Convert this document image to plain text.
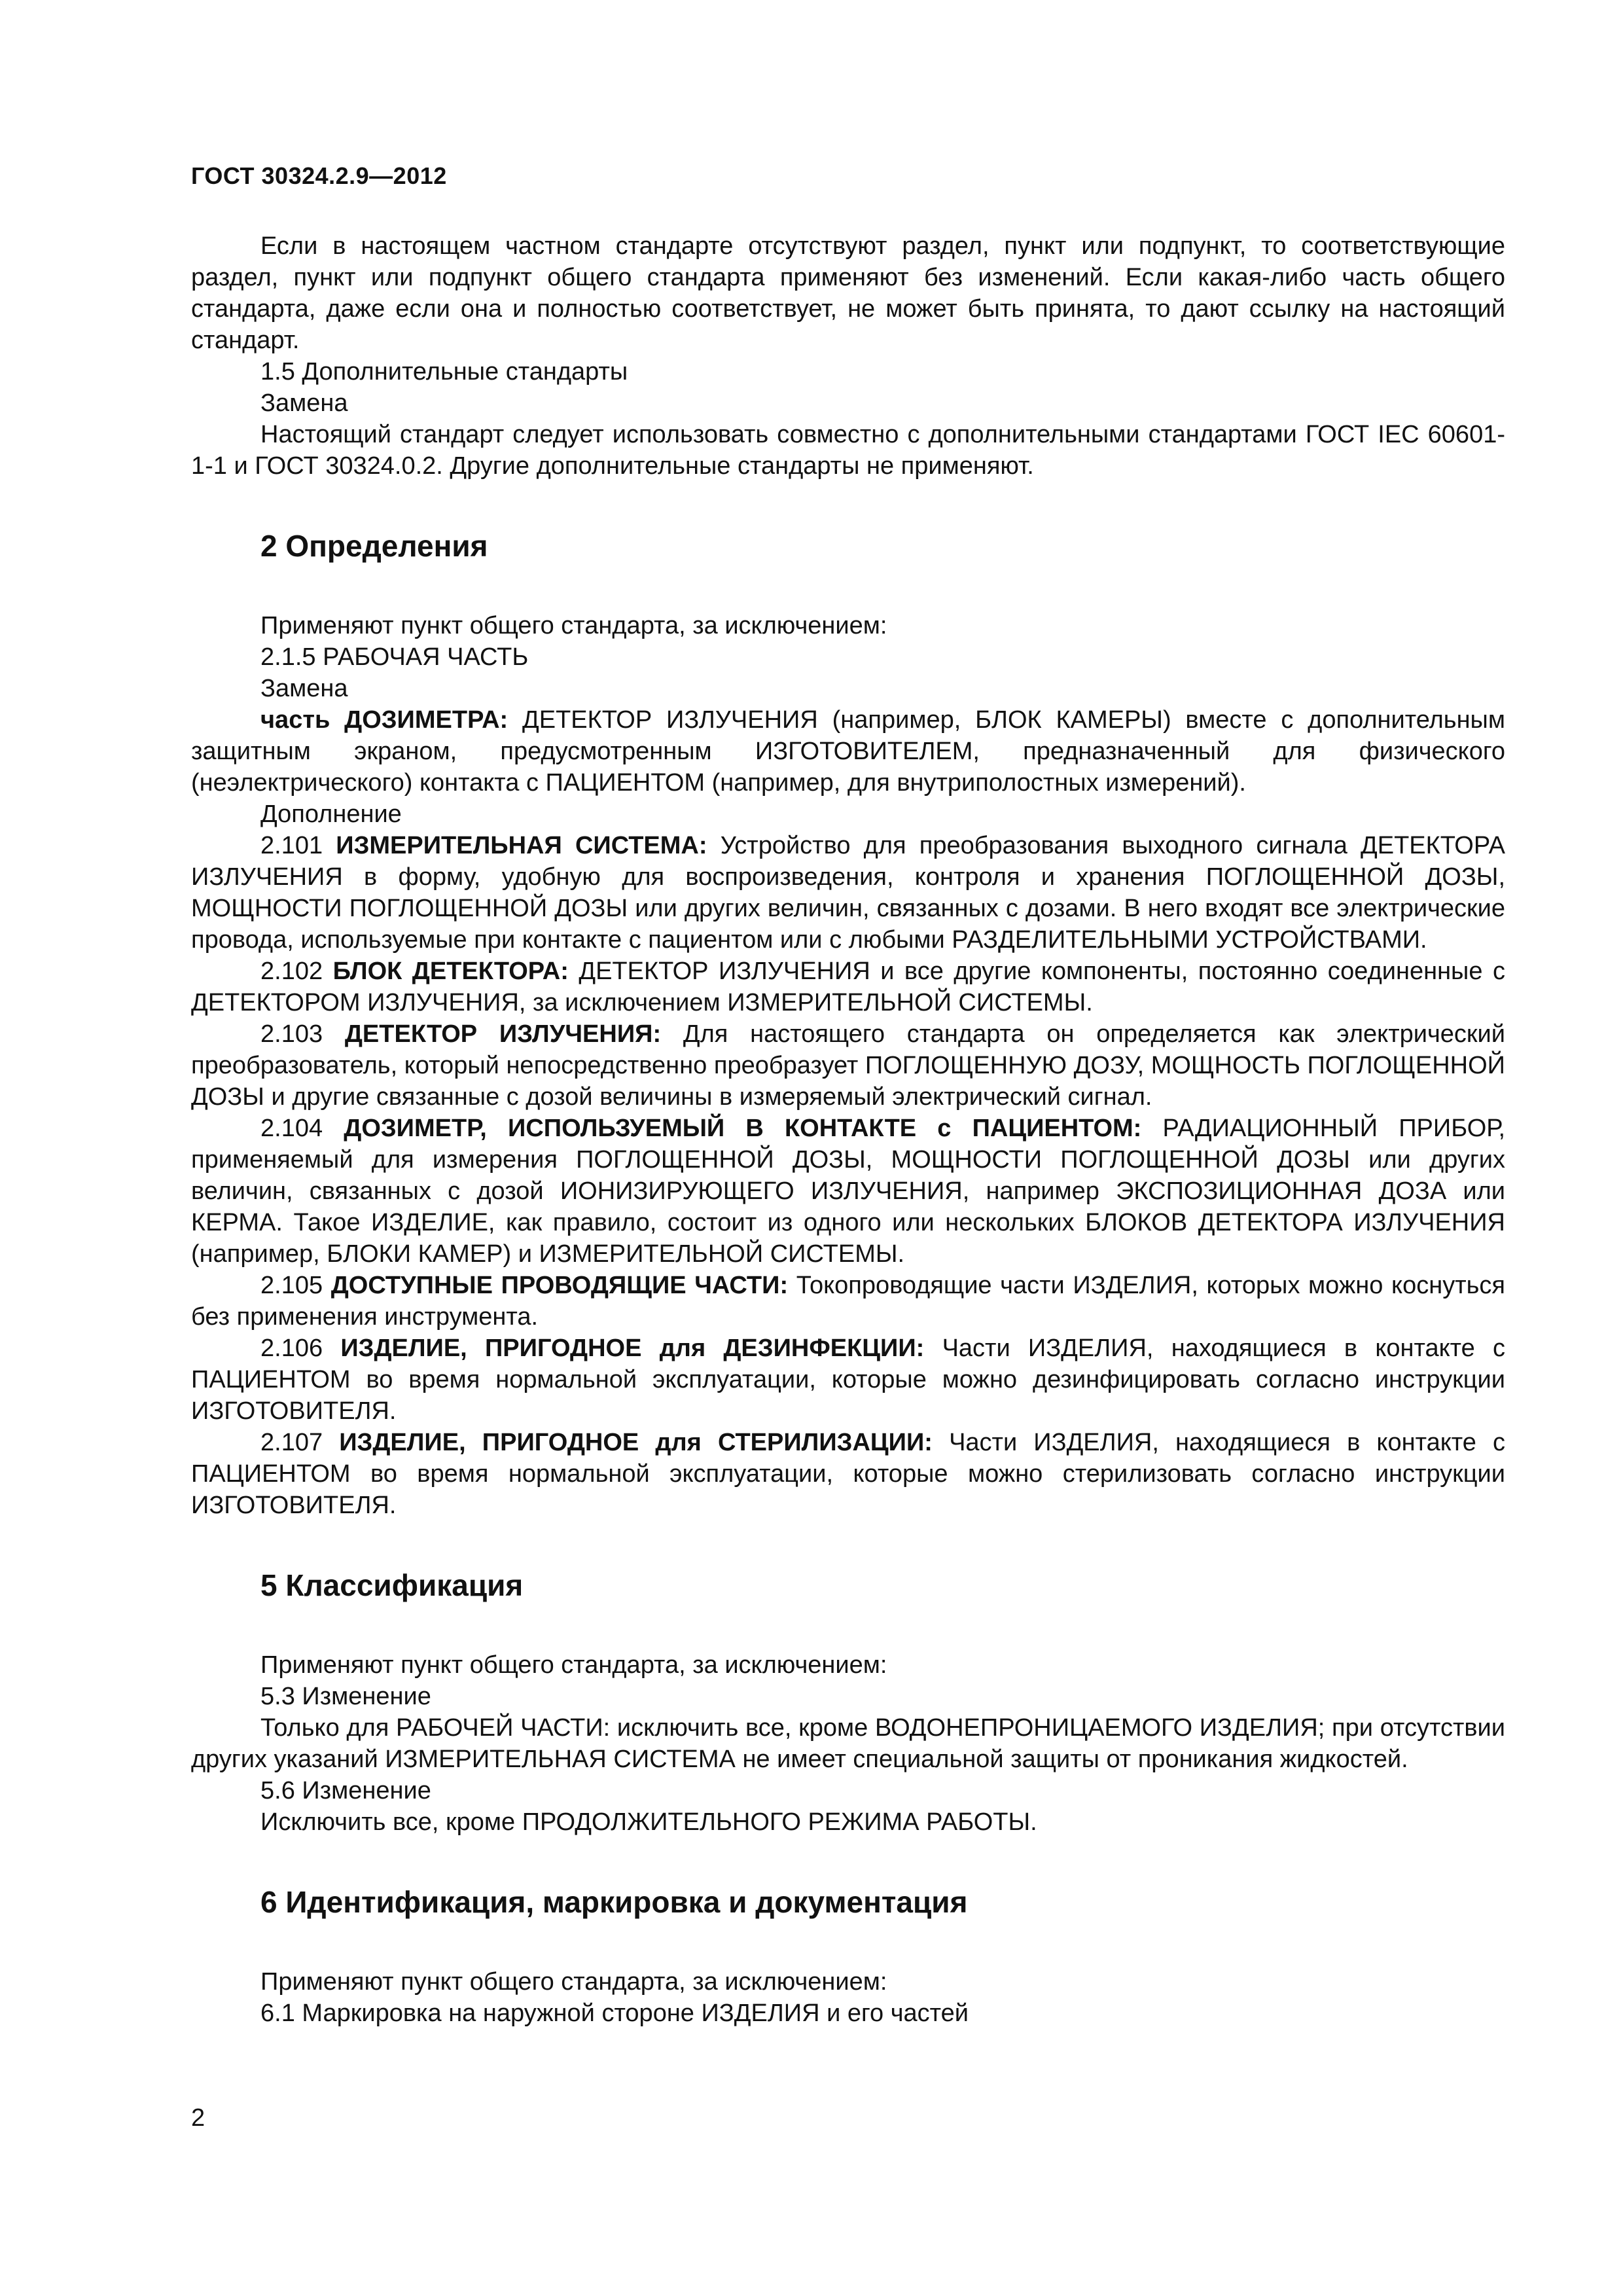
ГОСТ 30324.2.9—2012

Если в настоящем частном стандарте отсутствуют раздел, пункт или подпункт, то соответствующие раздел, пункт или подпункт общего стандарта применяют без изменений. Если какая-либо часть общего стандарта, даже если она и полностью соответствует, не может быть принята, то дают ссылку на настоящий стандарт.

1.5 Дополнительные стандарты

Замена

Настоящий стандарт следует использовать совместно с дополнительными стандартами ГОСТ IEC 60601-1-1 и ГОСТ 30324.0.2. Другие дополнительные стандарты не применяют.

2 Определения

Применяют пункт общего стандарта, за исключением:

2.1.5 РАБОЧАЯ ЧАСТЬ

Замена

часть ДОЗИМЕТРА: ДЕТЕКТОР ИЗЛУЧЕНИЯ (например, БЛОК КАМЕРЫ) вместе с дополнительным защитным экраном, предусмотренным ИЗГОТОВИТЕЛЕМ, предназначенный для физического (неэлектрического) контакта с ПАЦИЕНТОМ (например, для внутриполостных измерений).

Дополнение

2.101 ИЗМЕРИТЕЛЬНАЯ СИСТЕМА: Устройство для преобразования выходного сигнала ДЕТЕКТОРА ИЗЛУЧЕНИЯ в форму, удобную для воспроизведения, контроля и хранения ПОГЛОЩЕННОЙ ДОЗЫ, МОЩНОСТИ ПОГЛОЩЕННОЙ ДОЗЫ или других величин, связанных с дозами. В него входят все электрические провода, используемые при контакте с пациентом или с любыми РАЗДЕЛИТЕЛЬНЫМИ УСТРОЙСТВАМИ.

2.102 БЛОК ДЕТЕКТОРА: ДЕТЕКТОР ИЗЛУЧЕНИЯ и все другие компоненты, постоянно соединенные с ДЕТЕКТОРОМ ИЗЛУЧЕНИЯ, за исключением ИЗМЕРИТЕЛЬНОЙ СИСТЕМЫ.

2.103 ДЕТЕКТОР ИЗЛУЧЕНИЯ: Для настоящего стандарта он определяется как электрический преобразователь, который непосредственно преобразует ПОГЛОЩЕННУЮ ДОЗУ, МОЩНОСТЬ ПОГЛОЩЕННОЙ ДОЗЫ и другие связанные с дозой величины в измеряемый электрический сигнал.

2.104 ДОЗИМЕТР, ИСПОЛЬЗУЕМЫЙ В КОНТАКТЕ с ПАЦИЕНТОМ: РАДИАЦИОННЫЙ ПРИБОР, применяемый для измерения ПОГЛОЩЕННОЙ ДОЗЫ, МОЩНОСТИ ПОГЛОЩЕННОЙ ДОЗЫ или других величин, связанных с дозой ИОНИЗИРУЮЩЕГО ИЗЛУЧЕНИЯ, например ЭКСПОЗИЦИОННАЯ ДОЗА или КЕРМА. Такое ИЗДЕЛИЕ, как правило, состоит из одного или нескольких БЛОКОВ ДЕТЕКТОРА ИЗЛУЧЕНИЯ (например, БЛОКИ КАМЕР) и ИЗМЕРИТЕЛЬНОЙ СИСТЕМЫ.

2.105 ДОСТУПНЫЕ ПРОВОДЯЩИЕ ЧАСТИ: Токопроводящие части ИЗДЕЛИЯ, которых можно коснуться без применения инструмента.

2.106 ИЗДЕЛИЕ, ПРИГОДНОЕ для ДЕЗИНФЕКЦИИ: Части ИЗДЕЛИЯ, находящиеся в контакте с ПАЦИЕНТОМ во время нормальной эксплуатации, которые можно дезинфицировать согласно инструкции ИЗГОТОВИТЕЛЯ.

2.107 ИЗДЕЛИЕ, ПРИГОДНОЕ для СТЕРИЛИЗАЦИИ: Части ИЗДЕЛИЯ, находящиеся в контакте с ПАЦИЕНТОМ во время нормальной эксплуатации, которые можно стерилизовать согласно инструкции ИЗГОТОВИТЕЛЯ.

5 Классификация

Применяют пункт общего стандарта, за исключением:

5.3 Изменение

Только для РАБОЧЕЙ ЧАСТИ: исключить все, кроме ВОДОНЕПРОНИЦАЕМОГО ИЗДЕЛИЯ; при отсутствии других указаний ИЗМЕРИТЕЛЬНАЯ СИСТЕМА не имеет специальной защиты от проникания жидкостей.

5.6 Изменение

Исключить все, кроме ПРОДОЛЖИТЕЛЬНОГО РЕЖИМА РАБОТЫ.

6 Идентификация, маркировка и документация

Применяют пункт общего стандарта, за исключением:

6.1 Маркировка на наружной стороне ИЗДЕЛИЯ и его частей

2
